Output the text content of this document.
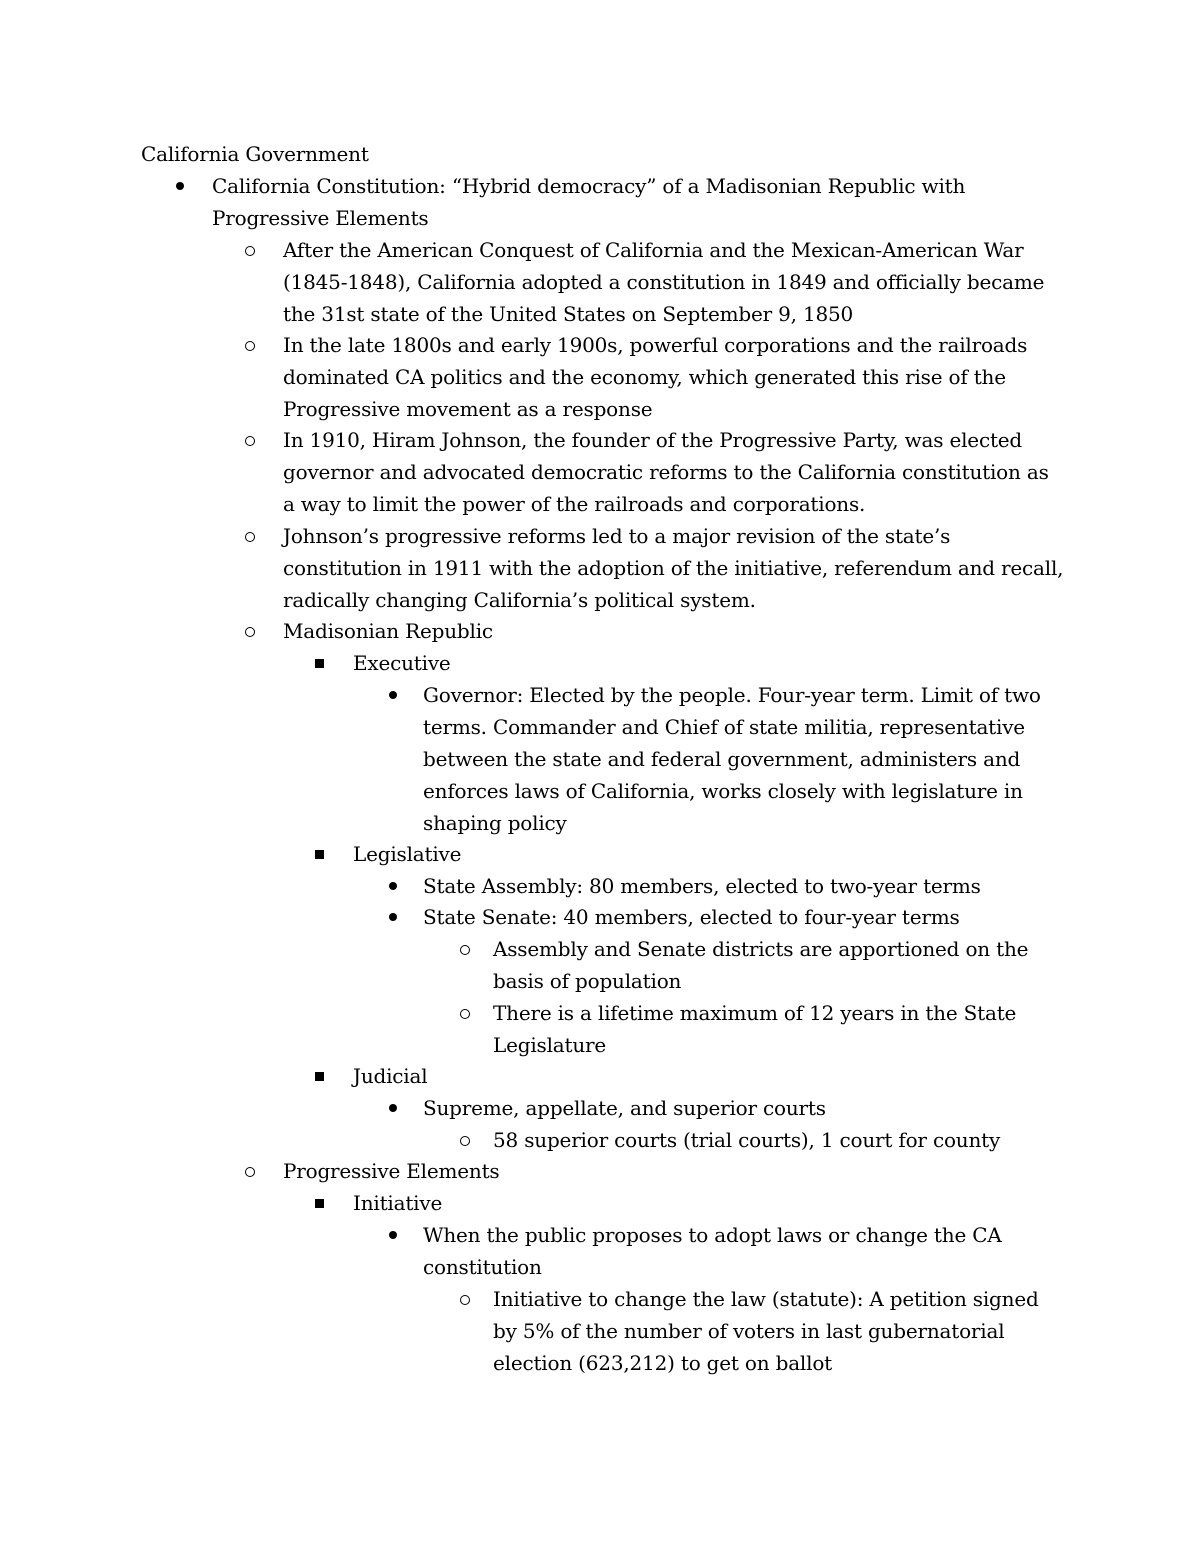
California Government
California Constitution: “Hybrid democracy” of a Madisonian Republic with
Progressive Elements
After the American Conquest of California and the Mexican-American War
(1845-1848), California adopted a constitution in 1849 and officially became
the 31st state of the United States on September 9, 1850
In the late 1800s and early 1900s, powerful corporations and the railroads
dominated CA politics and the economy, which generated this rise of the
Progressive movement as a response
In 1910, Hiram Johnson, the founder of the Progressive Party, was elected
governor and advocated democratic reforms to the California constitution as
a way to limit the power of the railroads and corporations.
Johnson’s progressive reforms led to a major revision of the state’s
constitution in 1911 with the adoption of the initiative, referendum and recall,
radically changing California’s political system.
Madisonian Republic
Executive
Governor: Elected by the people. Four-year term. Limit of two
terms. Commander and Chief of state militia, representative
between the state and federal government, administers and
enforces laws of California, works closely with legislature in
shaping policy
Legislative
State Assembly: 80 members, elected to two-year terms
State Senate: 40 members, elected to four-year terms
Assembly and Senate districts are apportioned on the
basis of population
There is a lifetime maximum of 12 years in the State
Legislature
Judicial
Supreme, appellate, and superior courts
58 superior courts (trial courts), 1 court for county
Progressive Elements
Initiative
When the public proposes to adopt laws or change the CA
constitution
Initiative to change the law (statute): A petition signed
by 5% of the number of voters in last gubernatorial
election (623,212) to get on ballot
